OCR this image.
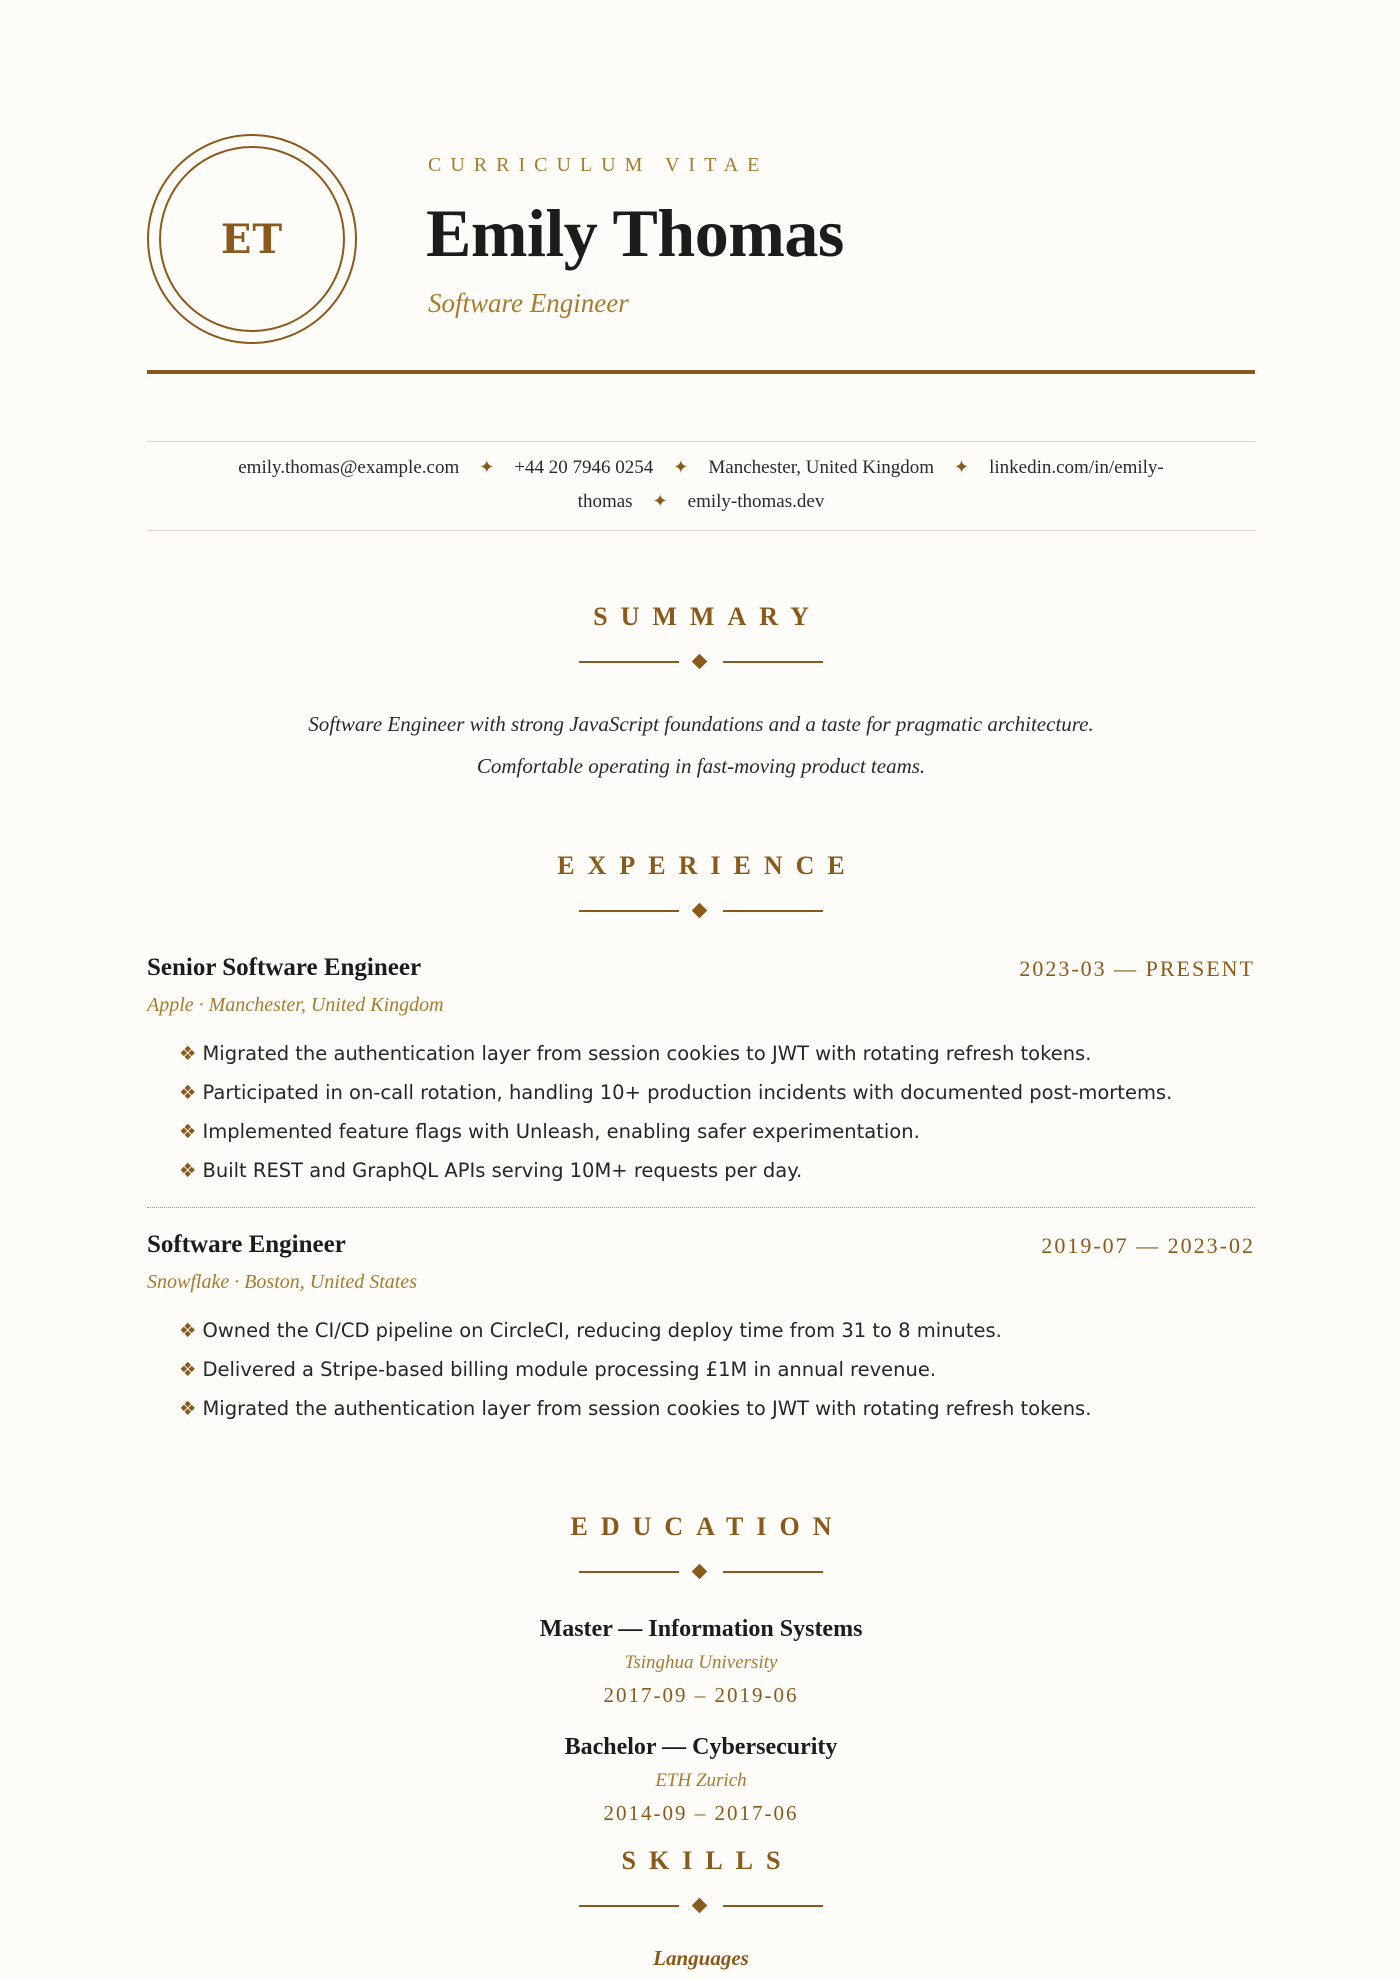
ET
CURRICULUM VITAE
Emily Thomas
Software Engineer
emily.thomas@example.com ✦ +44 20 7946 0254 ✦ Manchester, United Kingdom ✦ linkedin.com/in/emily-
thomas ✦ emily-thomas.dev
SUMMARY
Software Engineer with strong JavaScript foundations and a taste for pragmatic architecture.
Comfortable operating in fast-moving product teams.
EXPERIENCE
Senior Software Engineer	2023-03 — PRESENT
Apple · Manchester, United Kingdom
❖ Migrated the authentication layer from session cookies to JWT with rotating refresh tokens.
❖ Participated in on-call rotation, handling 10+ production incidents with documented post-mortems.
❖ Implemented feature flags with Unleash, enabling safer experimentation.
❖ Built REST and GraphQL APIs serving 10M+ requests per day.
Software Engineer	2019-07 — 2023-02
Snowflake · Boston, United States
❖ Owned the CI/CD pipeline on CircleCI, reducing deploy time from 31 to 8 minutes.
❖ Delivered a Stripe-based billing module processing £1M in annual revenue.
❖ Migrated the authentication layer from session cookies to JWT with rotating refresh tokens.
EDUCATION
Master — Information Systems
Tsinghua University
2017-09 – 2019-06
Bachelor — Cybersecurity
ETH Zurich
2014-09 – 2017-06
SKILLS
Languages
